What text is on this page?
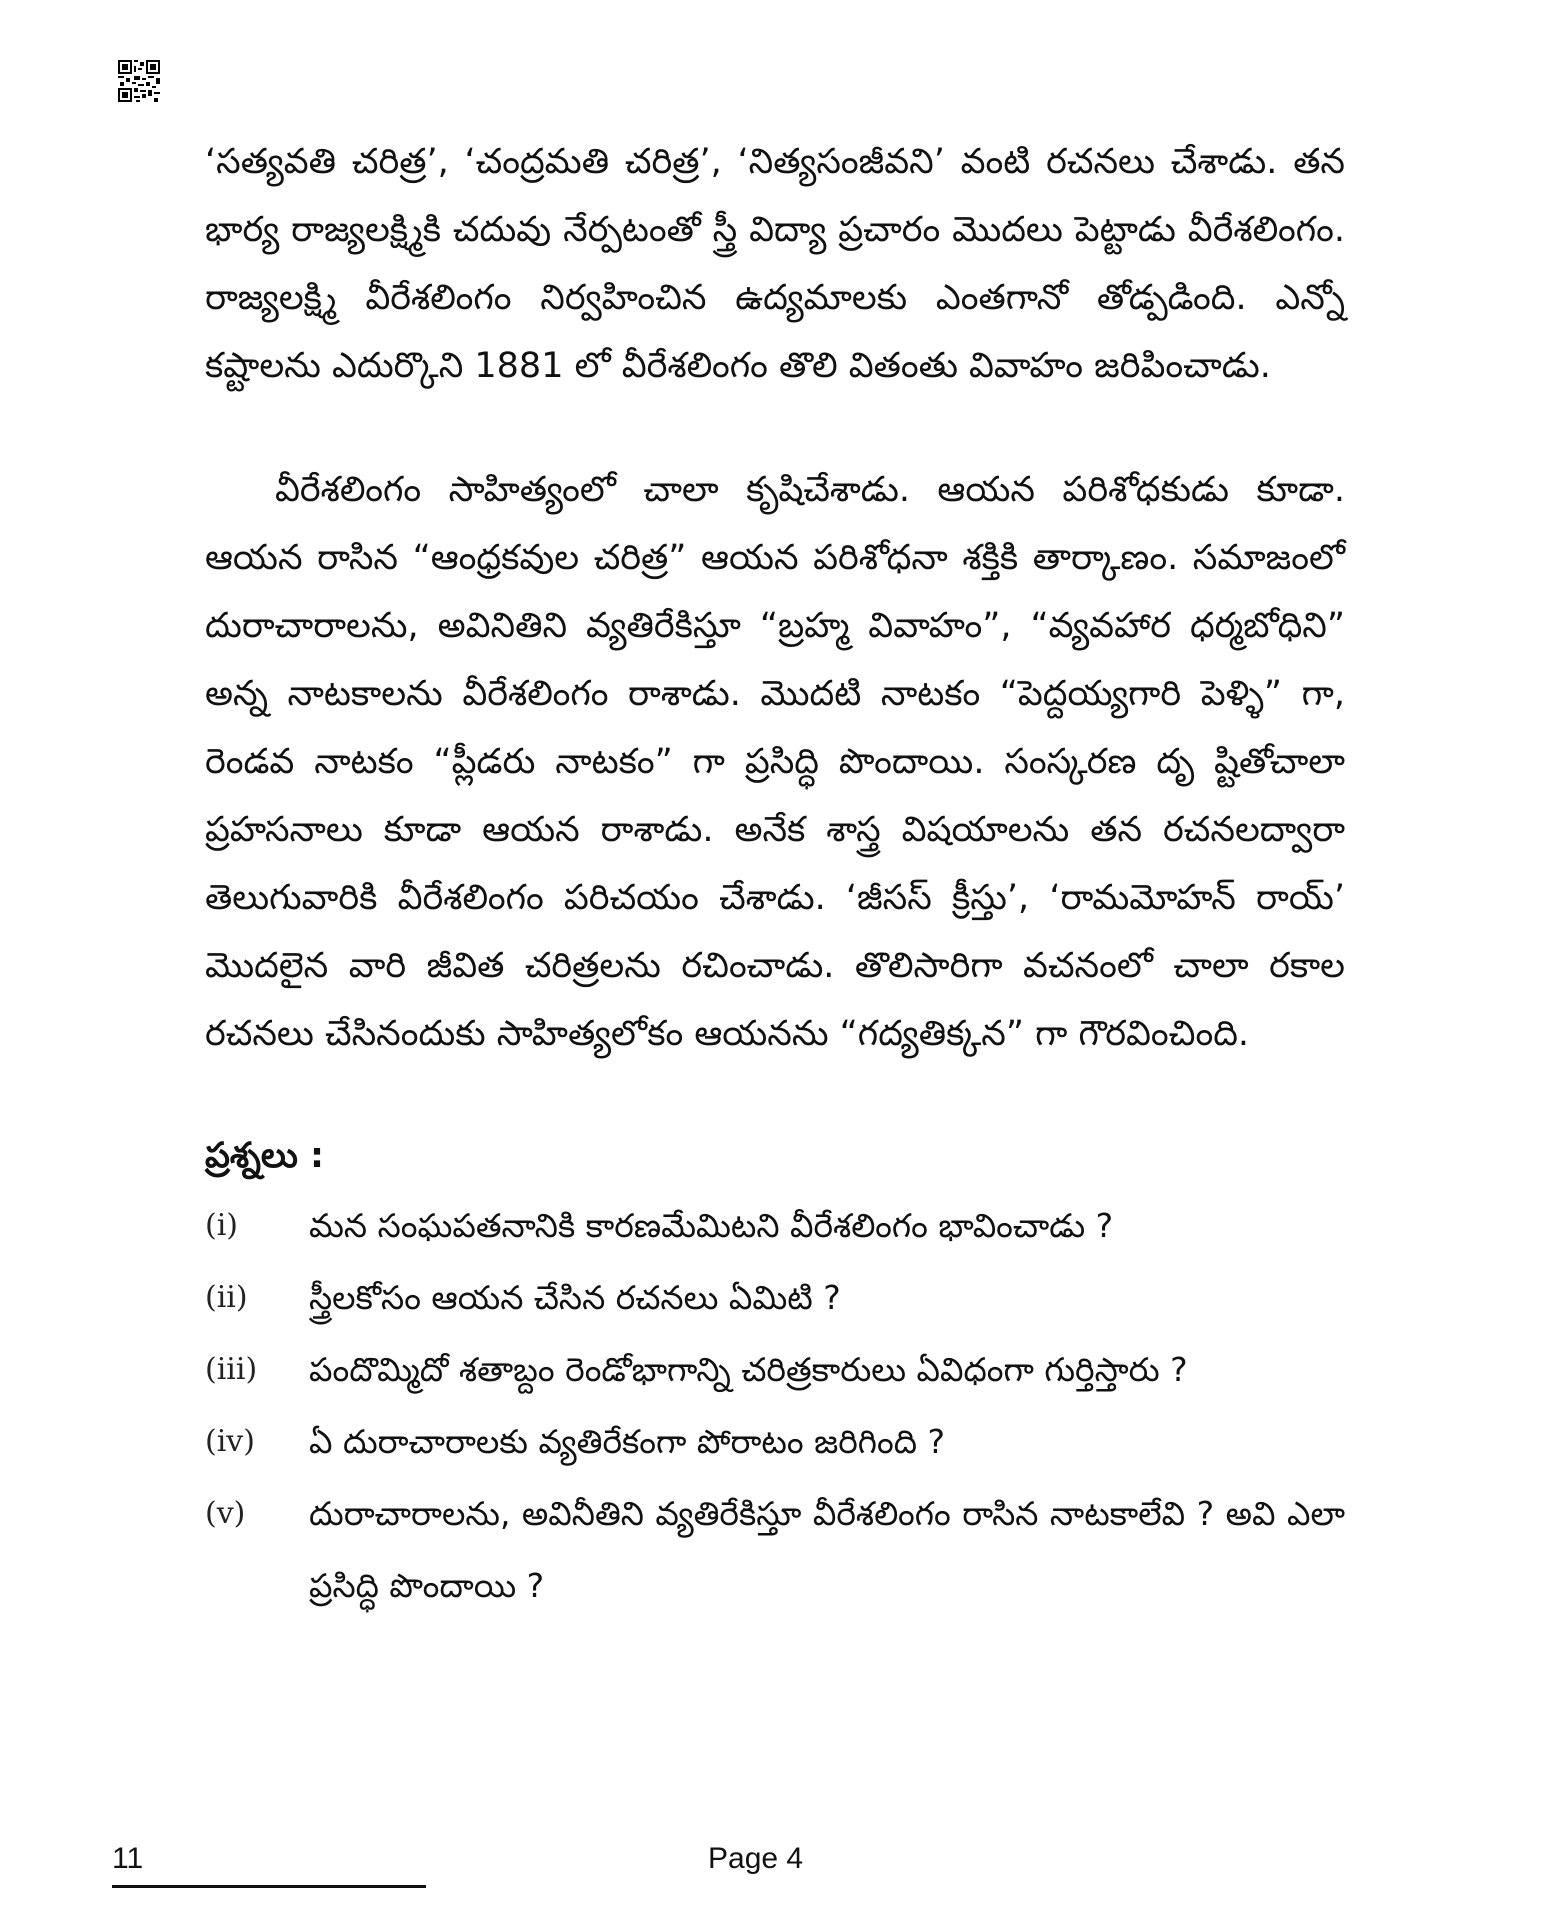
‘సత్యవతి చరిత్ర’, ‘చంద్రమతి చరిత్ర’, ‘నిత్యసంజీవని’ వంటి రచనలు చేశాడు. తన భార్య రాజ్యలక్ష్మికి చదువు నేర్పటంతో స్త్రీ విద్యా ప్రచారం మొదలు పెట్టాడు వీరేశలింగం. రాజ్యలక్ష్మి వీరేశలింగం నిర్వహించిన ఉద్యమాలకు ఎంతగానో తోడ్పడింది. ఎన్నో కష్టాలను ఎదుర్కొని 1881 లో వీరేశలింగం తొలి వితంతు వివాహం జరిపించాడు.

వీరేశలింగం సాహిత్యంలో చాలా కృషిచేశాడు. ఆయన పరిశోధకుడు కూడా. ఆయన రాసిన “ఆంధ్రకవుల చరిత్ర” ఆయన పరిశోధనా శక్తికి తార్కాణం. సమాజంలో దురాచారాలను, అవినితిని వ్యతిరేకిస్తూ “బ్రహ్మ వివాహం”, “వ్యవహార ధర్మబోధిని” అన్న నాటకాలను వీరేశలింగం రాశాడు. మొదటి నాటకం “పెద్దయ్యగారి పెళ్ళి” గా, రెండవ నాటకం “ప్లీడరు నాటకం” గా ప్రసిద్ధి పొందాయి. సంస్కరణ దృ ష్టితోచాలా ప్రహసనాలు కూడా ఆయన రాశాడు. అనేక శాస్త్ర విషయాలను తన రచనలద్వారా తెలుగువారికి వీరేశలింగం పరిచయం చేశాడు. ‘జీసస్ క్రీస్తు’, ‘రామమోహన్ రాయ్’ మొదలైన వారి జీవిత చరిత్రలను రచించాడు. తొలిసారిగా వచనంలో చాలా రకాల రచనలు చేసినందుకు సాహిత్యలోకం ఆయనను “గద్యతిక్కన” గా గౌరవించింది.

ప్రశ్నలు :
(i)	మన సంఘపతనానికి కారణమేమిటని వీరేశలింగం భావించాడు ?
(ii)	స్త్రీలకోసం ఆయన చేసిన రచనలు ఏమిటి ?
(iii)	పందొమ్మిదో శతాబ్దం రెండోభాగాన్ని చరిత్రకారులు ఏవిధంగా గుర్తిస్తారు ?
(iv)	ఏ దురాచారాలకు వ్యతిరేకంగా పోరాటం జరిగింది ?
(v)	దురాచారాలను, అవినీతిని వ్యతిరేకిస్తూ వీరేశలింగం రాసిన నాటకాలేవి ? అవి ఎలా ప్రసిద్ధి పొందాయి ?
11	Page 4
